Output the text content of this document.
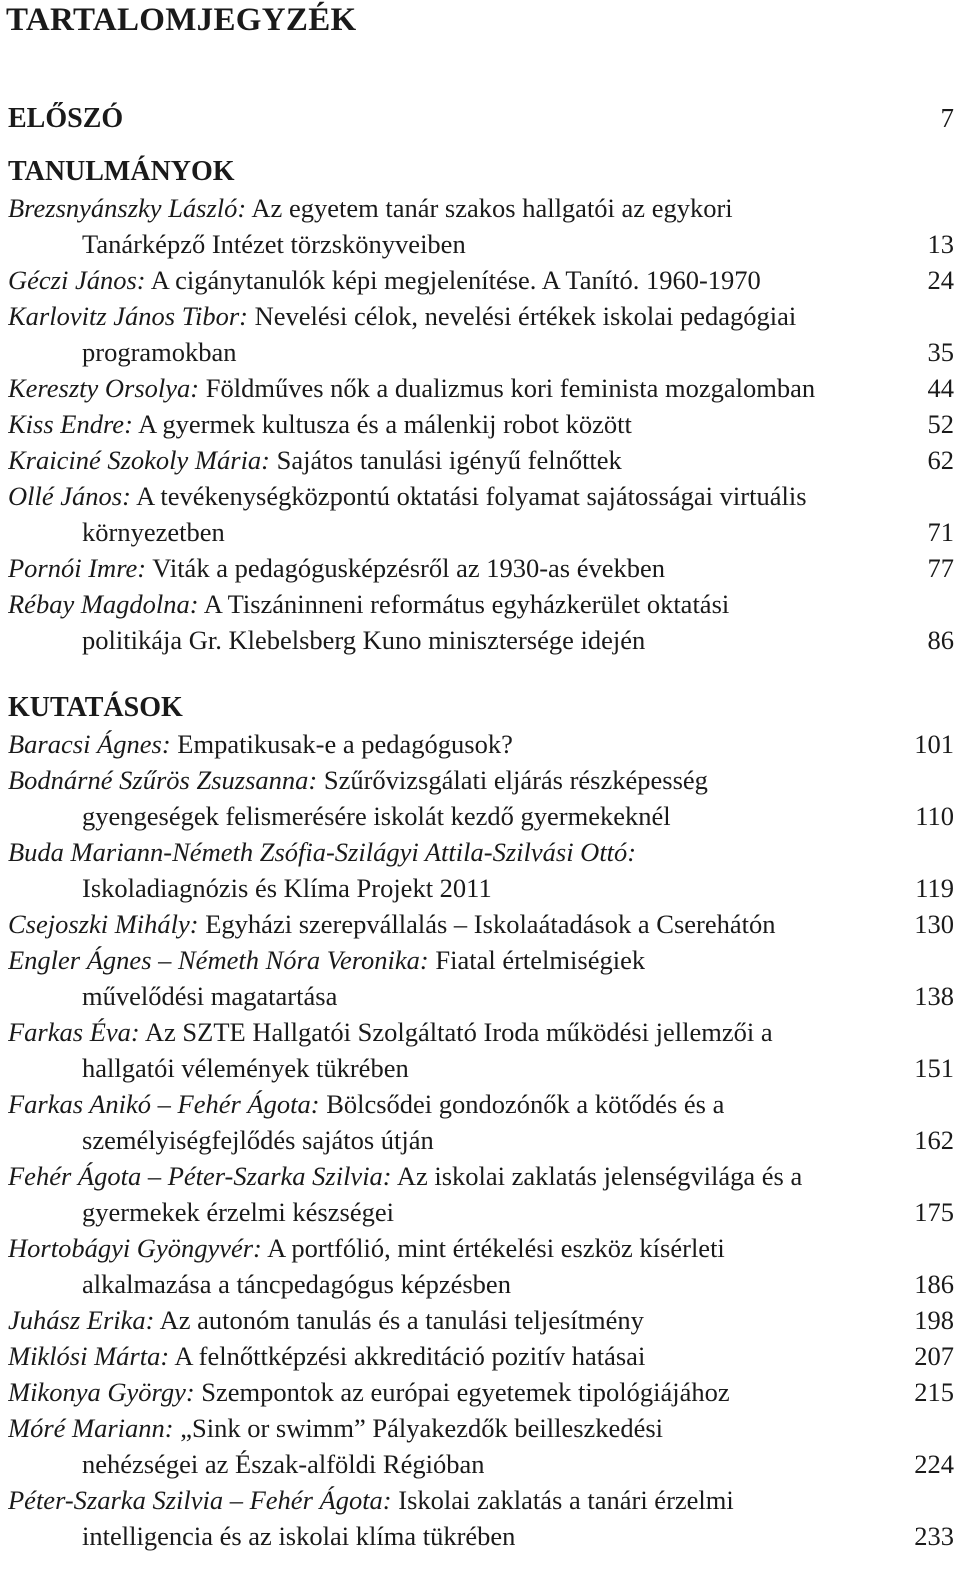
TARTALOMJEGYZÉK
ELŐSZÓ	7
TANULMÁNYOK
Brezsnyánszky László: Az egyetem tanár szakos hallgatói az egykori
Tanárképző Intézet törzskönyveiben	13
Géczi János: A cigánytanulók képi megjelenítése. A Tanító. 1960-1970	24
Karlovitz János Tibor: Nevelési célok, nevelési értékek iskolai pedagógiai
programokban	35
Kereszty Orsolya: Földműves nők a dualizmus kori feminista mozgalomban	44
Kiss Endre: A gyermek kultusza és a málenkij robot között	52
Kraiciné Szokoly Mária: Sajátos tanulási igényű felnőttek	62
Ollé János: A tevékenységközpontú oktatási folyamat sajátosságai virtuális
környezetben	71
Pornói Imre: Viták a pedagógusképzésről az 1930-as években	77
Rébay Magdolna: A Tiszáninneni református egyházkerület oktatási
politikája Gr. Klebelsberg Kuno minisztersége idején	86
KUTATÁSOK
Baracsi Ágnes: Empatikusak-e a pedagógusok?	101
Bodnárné Szűrös Zsuzsanna: Szűrővizsgálati eljárás részképesség
gyengeségek felismerésére iskolát kezdő gyermekeknél	110
Buda Mariann-Németh Zsófia-Szilágyi Attila-Szilvási Ottó:
Iskoladiagnózis és Klíma Projekt 2011	119
Csejoszki Mihály: Egyházi szerepvállalás – Iskolaátadások a Cserehátón	130
Engler Ágnes – Németh Nóra Veronika: Fiatal értelmiségiek
művelődési magatartása	138
Farkas Éva: Az SZTE Hallgatói Szolgáltató Iroda működési jellemzői a
hallgatói vélemények tükrében	151
Farkas Anikó – Fehér Ágota: Bölcsődei gondozónők a kötődés és a
személyiségfejlődés sajátos útján	162
Fehér Ágota – Péter-Szarka Szilvia: Az iskolai zaklatás jelenségvilága és a
gyermekek érzelmi készségei	175
Hortobágyi Gyöngyvér: A portfólió, mint értékelési eszköz kísérleti
alkalmazása a táncpedagógus képzésben	186
Juhász Erika: Az autonóm tanulás és a tanulási teljesítmény	198
Miklósi Márta: A felnőttképzési akkreditáció pozitív hatásai	207
Mikonya György: Szempontok az európai egyetemek tipológiájához	215
Móré Mariann: „Sink or swimm” Pályakezdők beilleszkedési
nehézségei az Észak-alföldi Régióban	224
Péter-Szarka Szilvia – Fehér Ágota: Iskolai zaklatás a tanári érzelmi
intelligencia és az iskolai klíma tükrében	233
